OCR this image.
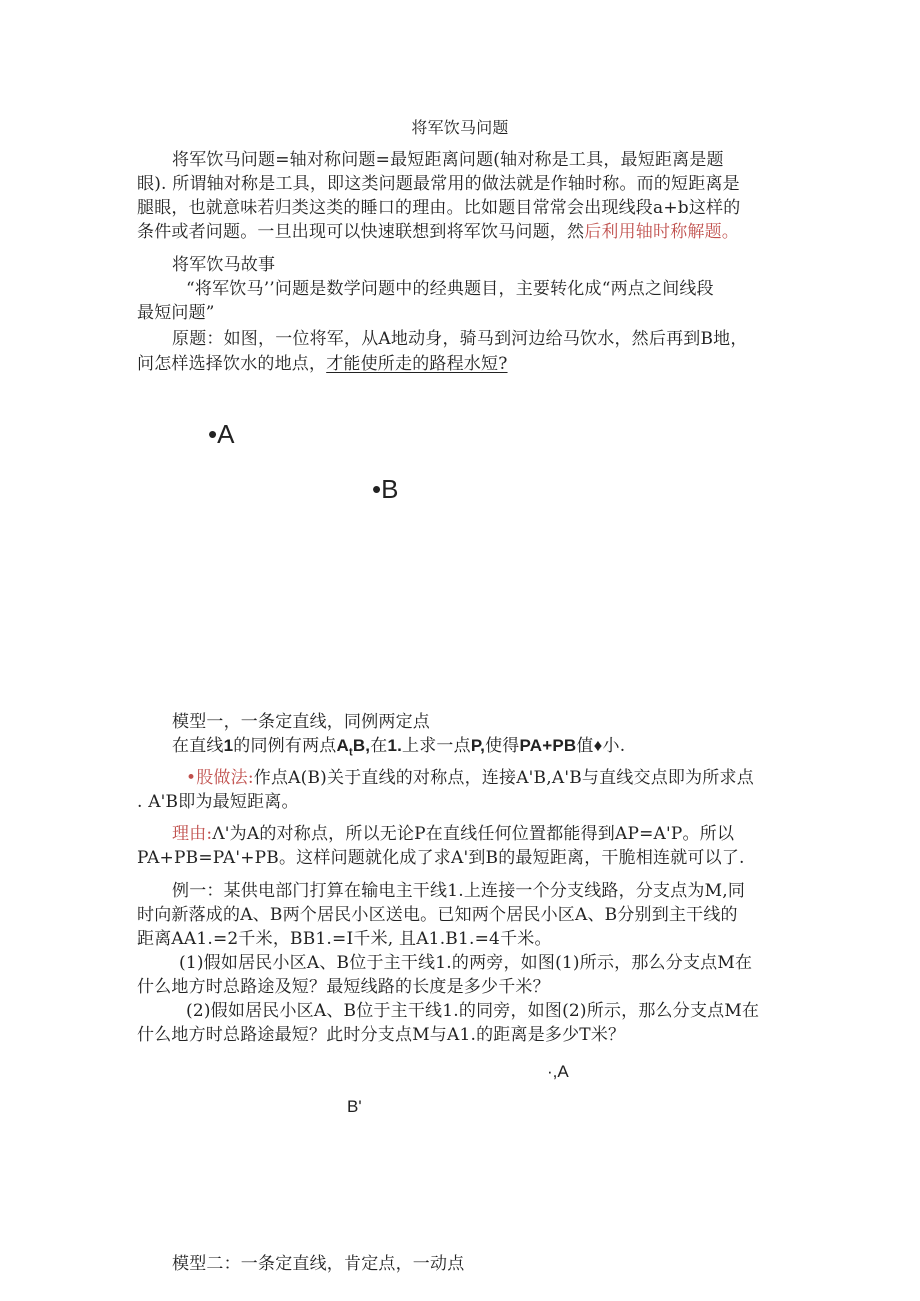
将军饮马问题
将军饮马问题=轴对称问题=最短距离问题(轴对称是工具，最短距离是题
眼). 所谓轴对称是工具，即这类问题最常用的做法就是作轴时称。而的短距离是
腿眼，也就意味若归类这类的睡口的理由。比如题目常常会出现线段a+b这样的
条件或者问题。一旦出现可以快速联想到将军饮马问题，然后利用轴时称解题。
将军饮马故事
“将军饮马’’问题是数学问题中的经典题目，主要转化成“两点之间线段
最短问题”
原题：如图，一位将军，从A地动身，骑马到河边给马饮水，然后再到B地，
问怎样选择饮水的地点，才能使所走的路程水短?
•A
•B
模型一，一条定直线，同例两定点
在直线1的同例有两点$A_tB$,在1.上求一点P,使得PA+PB值♦小.
•股做法:作点A(B)关于直线的对称点，连接A'B,A'B与直线交点即为所求点
. A'B即为最短距离。
理由:Λ'为A的对称点，所以无论P在直线任何位置都能得到AP=A'P。所以
PA+PB=PA'+PB。这样问题就化成了求A'到B的最短距离，干脆相连就可以了.
例一：某供电部门打算在输电主干线1.上连接一个分支线路，分支点为M,同
时向新落成的A、B两个居民小区送电。已知两个居民小区A、B分别到主干线的
距离AA1.=2千米，BB1.=I千米, 且A1.B1.=4千米。
(1)假如居民小区A、B位于主干线1.的两旁，如图(1)所示，那么分支点M在
什么地方时总路途及短？最短线路的长度是多少千米？
(2)假如居民小区A、B位于主干线1.的同旁，如图(2)所示，那么分支点M在
什么地方时总路途最短？此时分支点M与A1.的距离是多少T米？
·,A
B'
模型二：一条定直线，肯定点，一动点
